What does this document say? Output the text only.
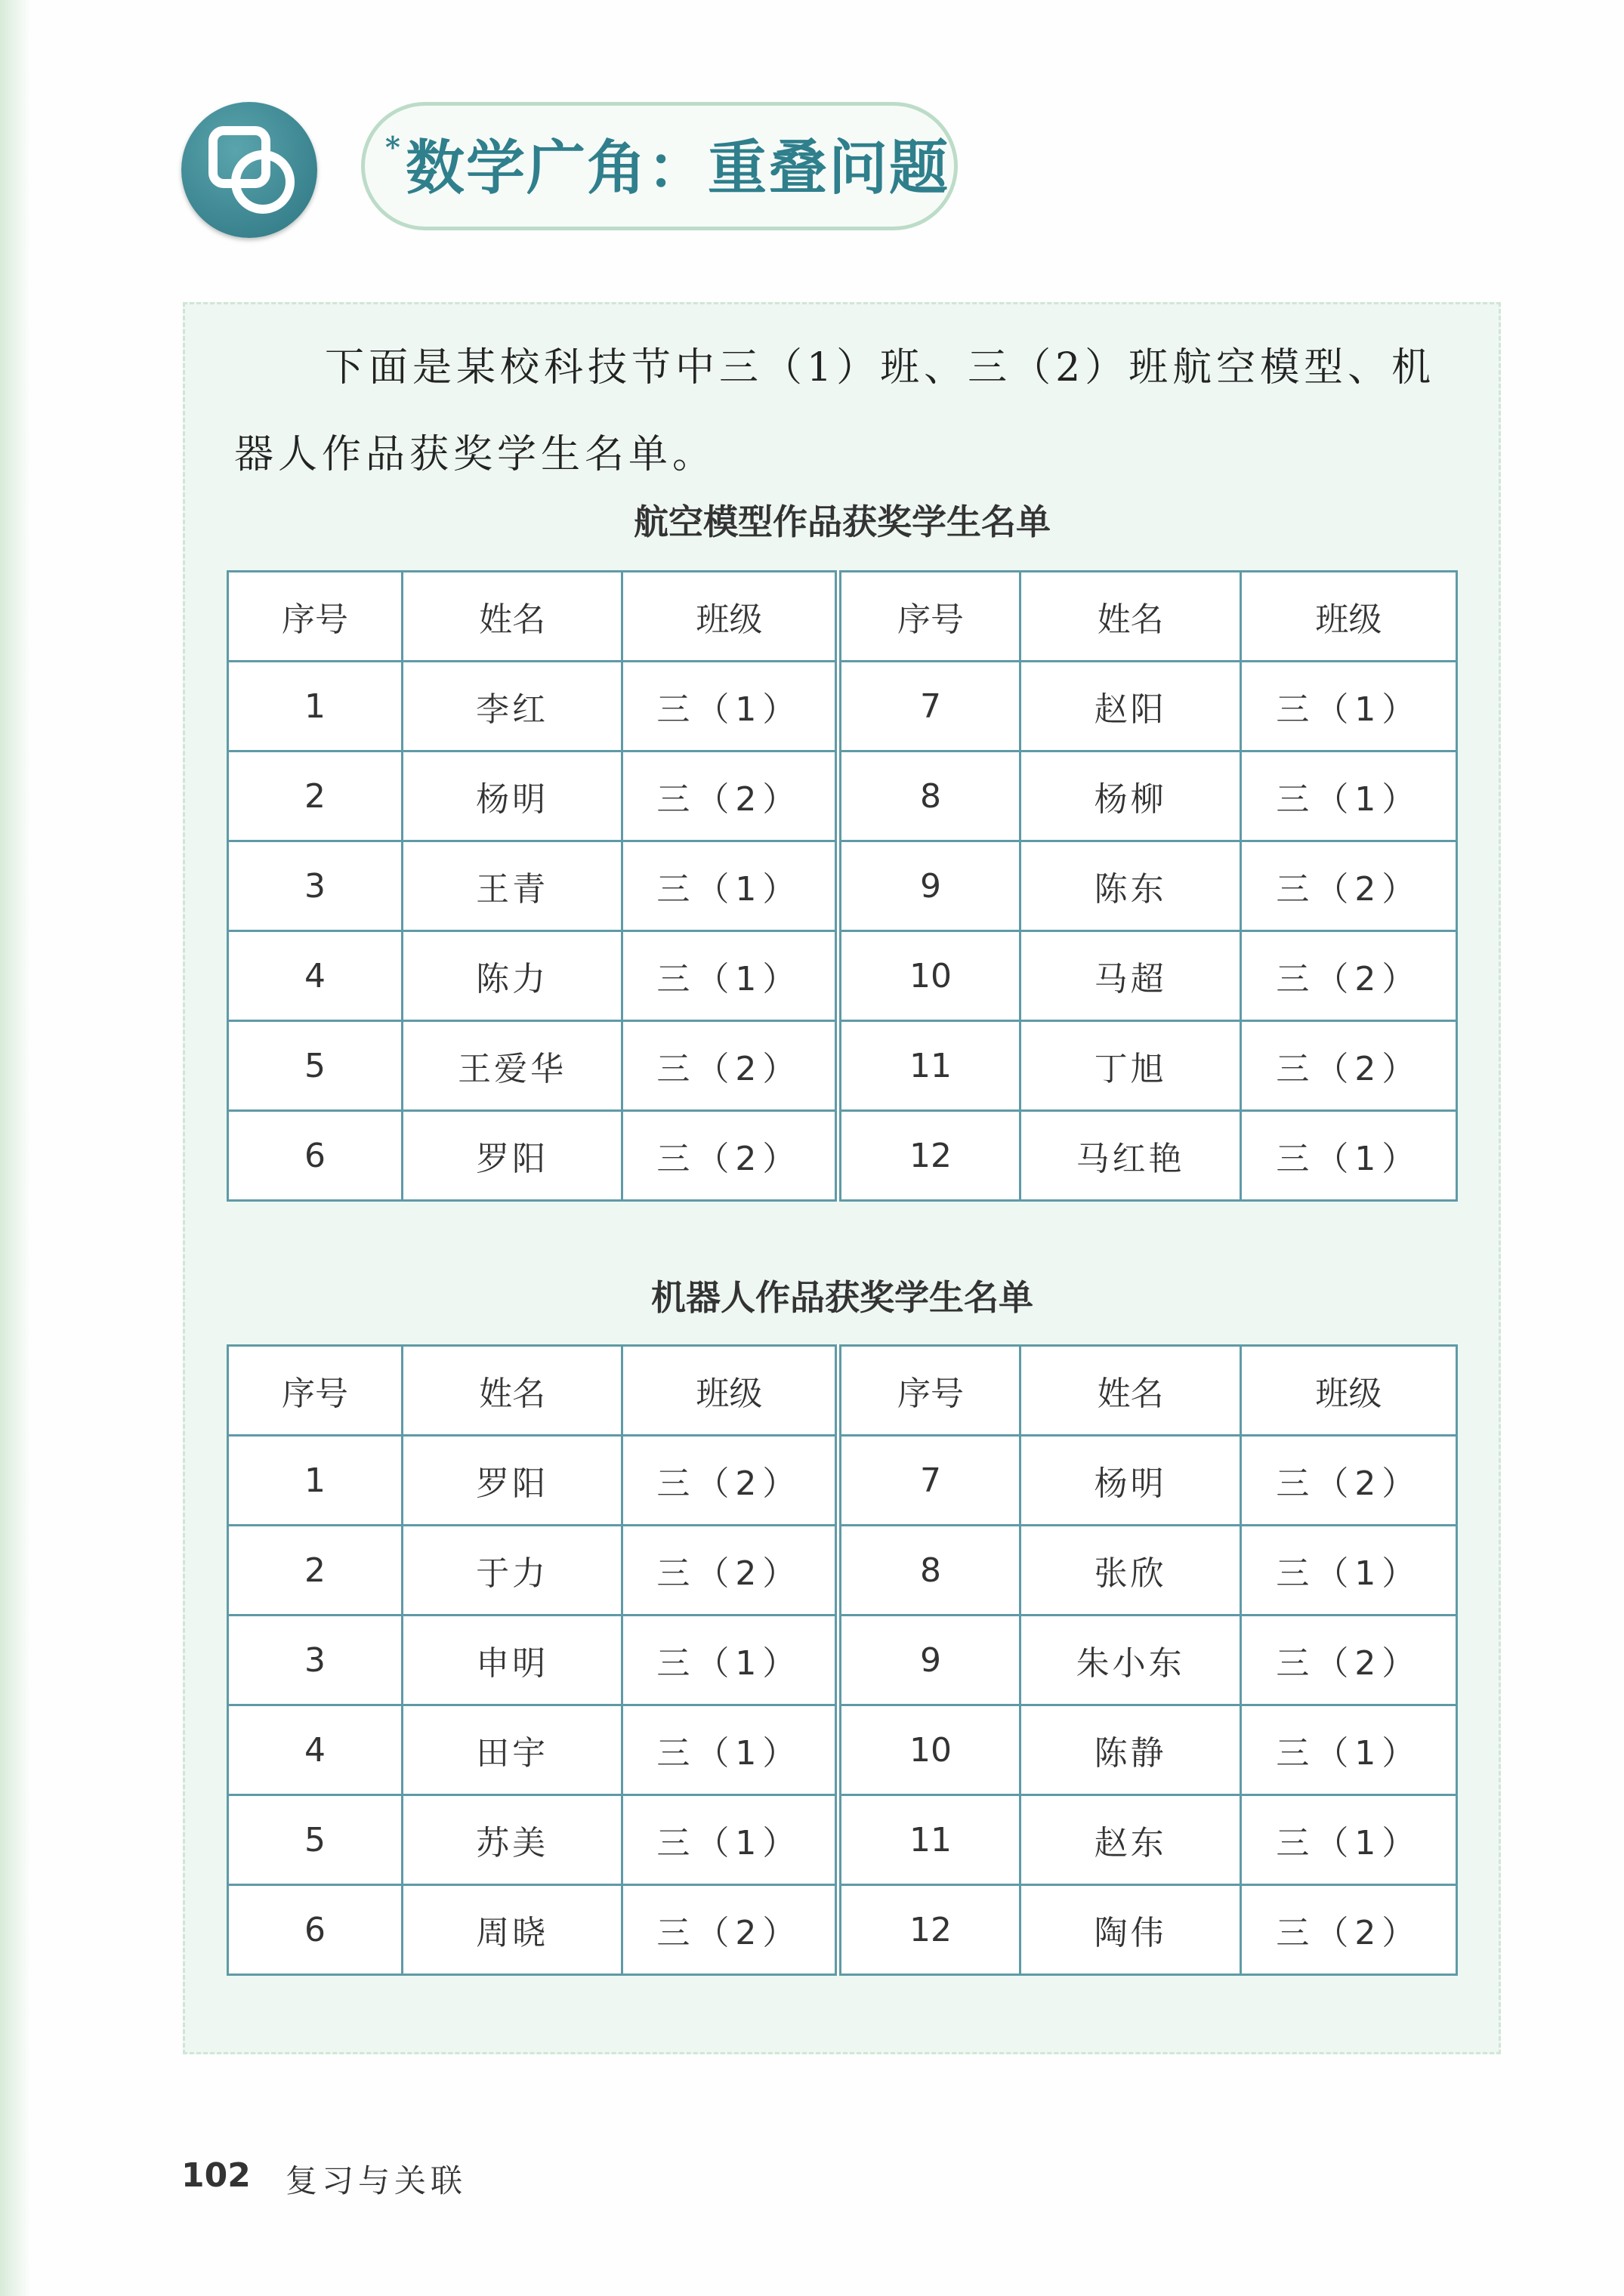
* 数学广角：重叠问题
下面是某校科技节中三（1）班、三（2）班航空模型、机器人作品获奖学生名单。
航空模型作品获奖学生名单
序号	姓名	班级	序号	姓名	班级
1	李红	三（1）	7	赵阳	三（1）
2	杨明	三（2）	8	杨柳	三（1）
3	王青	三（1）	9	陈东	三（2）
4	陈力	三（1）	10	马超	三（2）
5	王爱华	三（2）	11	丁旭	三（2）
6	罗阳	三（2）	12	马红艳	三（1）
机器人作品获奖学生名单
序号	姓名	班级	序号	姓名	班级
1	罗阳	三（2）	7	杨明	三（2）
2	于力	三（2）	8	张欣	三（1）
3	申明	三（1）	9	朱小东	三（2）
4	田宇	三（1）	10	陈静	三（1）
5	苏美	三（1）	11	赵东	三（1）
6	周晓	三（2）	12	陶伟	三（2）
102 复习与关联
